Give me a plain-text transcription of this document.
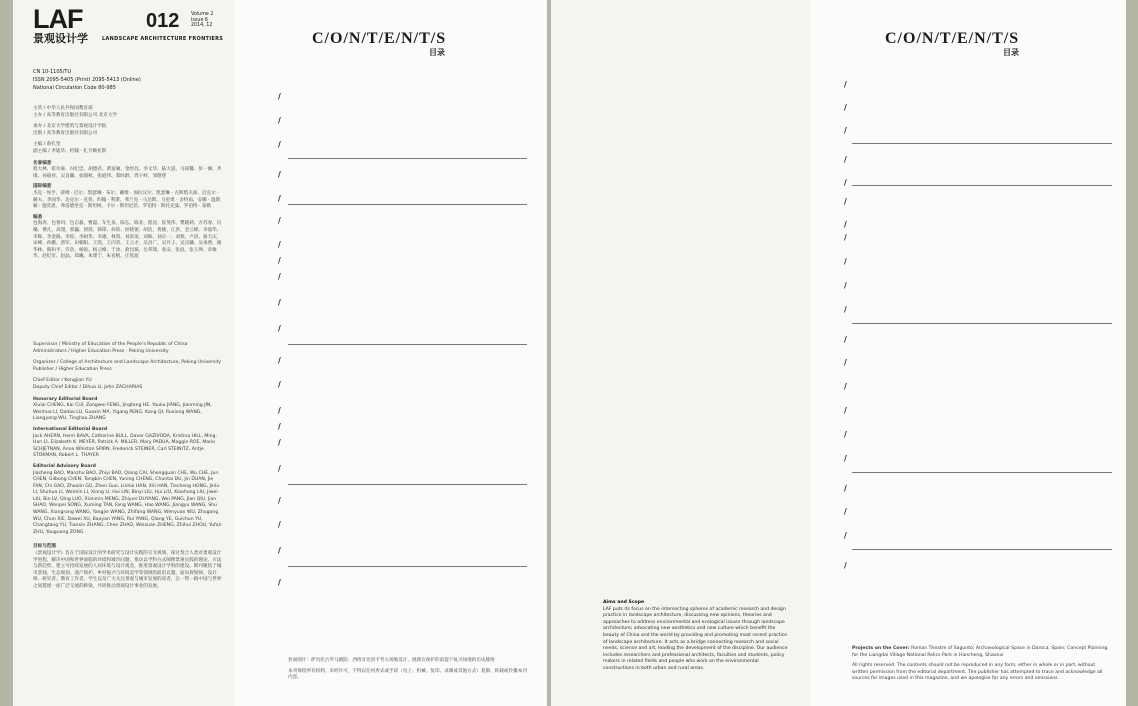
LAF	012 Volume 2
Issue 6
2014, 12
景观设计学	LANDSCAPE ARCHITECTURE FRONTIERS
CN 10-1105/TU
ISSN 2095-5405 (Print) 2095-5413 (Online)
National Circulation Code 80-985
主管 / 中华人民共和国教育部
主办 / 高等教育出版社有限公司 北京大学
承办 / 北京大学建筑与景观设计学院
出版 / 高等教育出版社有限公司
主编 / 俞孔坚
副主编 / 李迪华、约翰 · 扎卡赖亚斯
名誉编委
程大林、崔功豪、冯纪忠、胡德君、黄富厢、金经昌、李文华、陆大道、马国馨、彭一刚、齐康、孙筱祥、吴良镛、张锦秋、张庭伟、郑时龄、周干峙、邹德慈
国际编委
杰克 · 埃亨、蒂姆 · 巴尔、凯瑟琳 · 布尔、戴维 · 加拉汉尔、凯瑟琳 · 古斯塔夫森、迈克尔 · 赫夫、李国华、迈克尔 · 克普、约翰 · 利斯、弗兰克 · 马达斯、马里奥 · 舍特南、安娜 · 温斯顿 · 施皮恩、弗雷德里克 · 斯坦纳、卡尔 · 斯坦尼茨、罗伯特 · 斯托克曼、罗伯特 · 泰勒
编委
包海涛、包鲁玛、包志毅、曹磊、车生泉、陈弘、陈亚、程昆、崔英伟、樊晓莉、方苏春、冯璐、傅凡、高翅、郭巍、郭茜、韩锋、何昉、侯晓蕾、胡洁、黄晓、江洪、金云峰、李迪华、李晖、李金路、李倞、李树华、李雄、林箐、刘滨谊、刘晖、刘京一、刘燕、卢清、骆天庆、宋峰、孙鹏、唐军、田朝阳、王凯、王向荣、王云才、吴昌广、吴丹子、吴良镛、吴承照、谢华林、熊和平、许浩、杨锐、杨云峰、于冰、俞昌斌、岳邦瑞、张安、张浪、张玉坤、章俊华、赵纪军、赵晶、郑曦、朱建宁、朱育帆、庄优波
Supervisor / Ministry of Education of the People's Republic of China
Administrators / Higher Education Press · Peking University
Organizer / College of Architecture and Landscape Architecture, Peking University
Publisher / Higher Education Press
Chief Editor / Kongjian YU
Deputy Chief Editor / Dihua LI, John ZACHARIAS
Honorary Editorial Board
Xiulai CHENG, Kai CUI, Zongwei FENG, Jingtang HE, Youku JIANG, Jianming JIN, Wenhua LI, Dadao LU, Guoxin MA, Yigang PENG, Kang QI, Ruxiong WANG, Liangyong WU, Tinghao ZHANG
International Editorial Board
Jack AHERN, Henri BAVA, Catherine BULL, Davor GAZIVODA, Kristina HILL, Ming-Han LI, Elizabeth K. MEYER, Patrick A. MILLER, Mary PADUA, Maggie ROE, Mario SCHJETNAN, Anne Whiston SPIRN, Frederick STEINER, Carl STEINITZ, Antje STOKMAN, Robert L. THAYER
Editorial Advisory Board
Jiasheng BAO, Manzhu BAO, Zhiyi BAO, Qiang CAI, Shengquan CHE, Wu CHE, Jun CHEN, Gilbong CHEN, Tongbin CHEN, Yuning CHENG, Chuntai DU, Jin DUAN, Jie FAN, Chi GAO, Zhaolin GU, Zhen Guo, Linhai HAN, Xili HAN, Tiecheng HONG, Jinlu LI, Shuhua LI, Weimin LI, Xiong LI, Hui LIN, Binyi LIU, Hui LIU, Xiaohong LIU, Jiwei LIU, Bin LV, Qing LUO, Xianmin MENG, Zhiyun OUYANG, Wei PANG, Jian QIU, Jian SHAO, Wenpei SONG, Xuming TAN, Fang WANG, Hao WANG, Jiangyu WANG, Shu WANG, Xiangrong WANG, Yangjie WANG, Zhifang WANG, Wenyuan WU, Zhugang WU, Chun XIE, Dawei XU, Baoyan YANG, Rui YANG, Qiang YE, Guichun YU, Changtang YU, Tianxin ZHANG, Chen ZHAO, Weixuan ZHENG, Zhihui ZHOU, Yufan ZHU, Youguang ZONG
目标与范围
《景观设计学》旨在于国际设计的学术研究与设计实践的交叉视域、探讨契合人类对景观设计学进程，解决中国和世界面临的环境和城市问题，推动以学科方式阐释景观实践的理论、方法与新趋势，建立可持续发展的人居环境与设计观念，推进景观设计学科的建设。期刊聚焦于城市景观、生态规划、遗产保护、乡村振兴与环境美学等领域的前沿议题，面向规划师、设计师、研究者、教育工作者、学生以及广大关注景观与城市发展的读者，在一带一路中国与世界之间搭建一座广泛交流的桥梁，共同推动景观设计事业的发展。
C/O/N/T/E/N/T/S
目录
/
/
/
/
/
/
/
/
/
/
/
/
/
/
/
/
/
/
/
/
/
封面图片：萨贡托古罗马剧院：西班牙达洛卡考古场地设计，展现在保护的前提下复兴场地的历史脉络
本刊保留所有权利。未经许可，不得以任何形式或手段（电子、机械、复印、录制或其他方式）复制、转载或传播本刊内容。
Aims and Scope
LAF puts its focus on the intersecting spheres of academic research and design practice in landscape architecture, discussing new opinions, theories and approaches to address environmental and ecological issues through landscape architecture; advocating new aesthetics and new culture which benefit the beauty of China and the world by providing and promoting most recent practice of landscape architecture. It acts as a bridge connecting research and social needs, science and art, leading the development of the discipline. Our audience includes researchers and professional architects, faculties and students, policy makers in related fields and people who work on the environmental constructions in both urban and rural areas.
C/O/N/T/E/N/T/S
目录
/
/
/
/
/
/
/
/
/
/
/
/
/
/
/
/
/
/
/
/
/
Projects on the Cover: Roman Theatre of Sagunto; Archaeological Space in Daroca, Spain; Concept Planning for the Liangdai Village National Relics Park in Hancheng, Shaanxi
All rights reserved. The contents should not be reproduced in any form, either in whole or in part, without written permission from the editorial department. The publisher has attempted to trace and acknowledge all sources for images used in this magazine, and we apologise for any errors and omissions.
